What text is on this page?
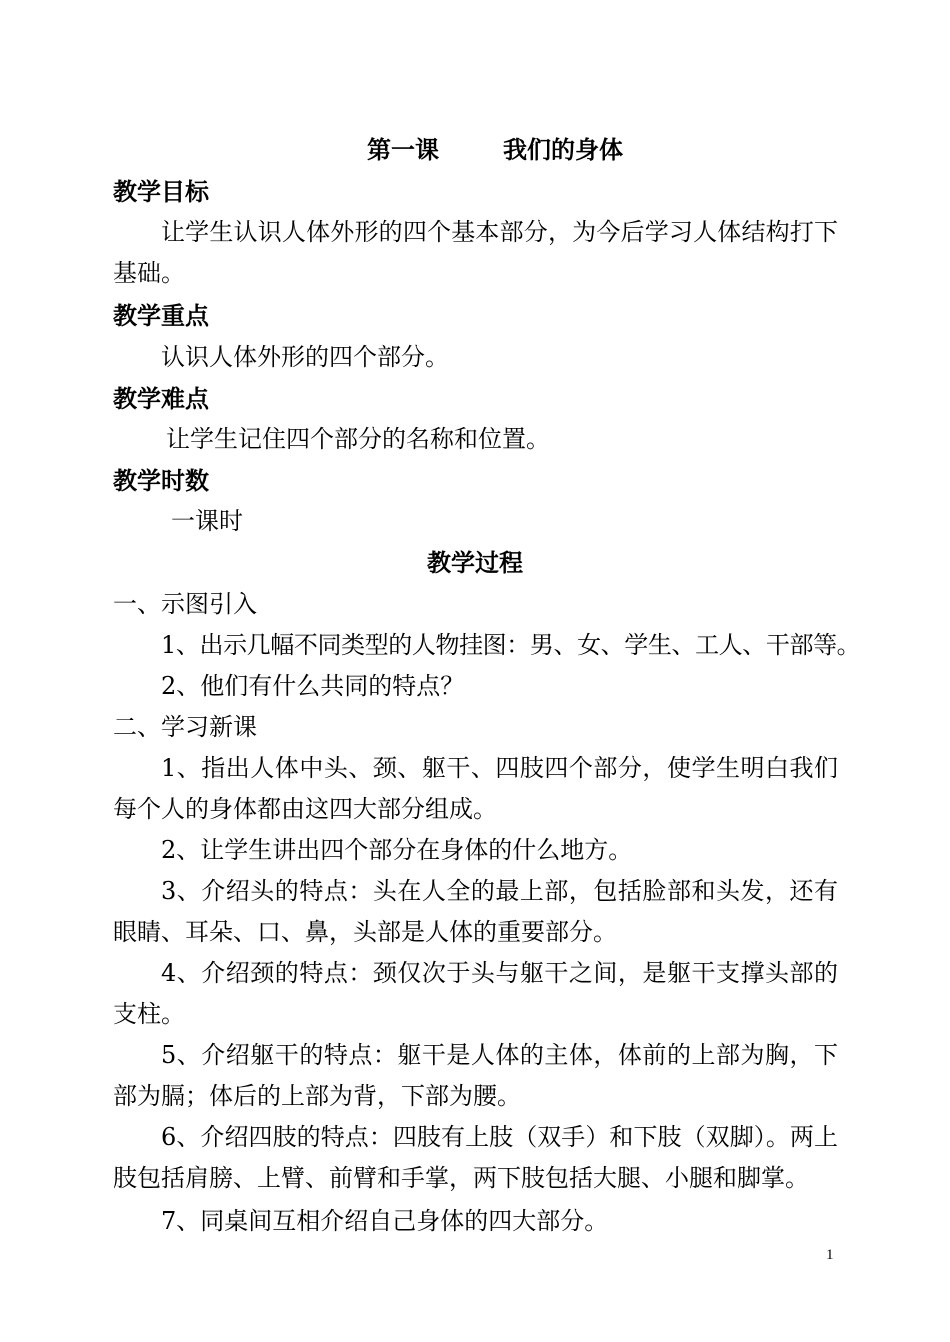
第一课	我们的身体
教学目标
让学生认识人体外形的四个基本部分，为今后学习人体结构打下基础。
教学重点
认识人体外形的四个部分。
教学难点
让学生记住四个部分的名称和位置。
教学时数
一课时
教学过程
一、示图引入
1、出示几幅不同类型的人物挂图：男、女、学生、工人、干部等。
2、他们有什么共同的特点？
二、学习新课
1、指出人体中头、颈、躯干、四肢四个部分，使学生明白我们每个人的身体都由这四大部分组成。
2、让学生讲出四个部分在身体的什么地方。
3、介绍头的特点：头在人全的最上部，包括脸部和头发，还有眼睛、耳朵、口、鼻，头部是人体的重要部分。
4、介绍颈的特点：颈仅次于头与躯干之间，是躯干支撑头部的支柱。
5、介绍躯干的特点：躯干是人体的主体，体前的上部为胸，下部为膈；体后的上部为背，下部为腰。
6、介绍四肢的特点：四肢有上肢（双手）和下肢（双脚）。两上肢包括肩膀、上臂、前臂和手掌，两下肢包括大腿、小腿和脚掌。
7、同桌间互相介绍自己身体的四大部分。
1
